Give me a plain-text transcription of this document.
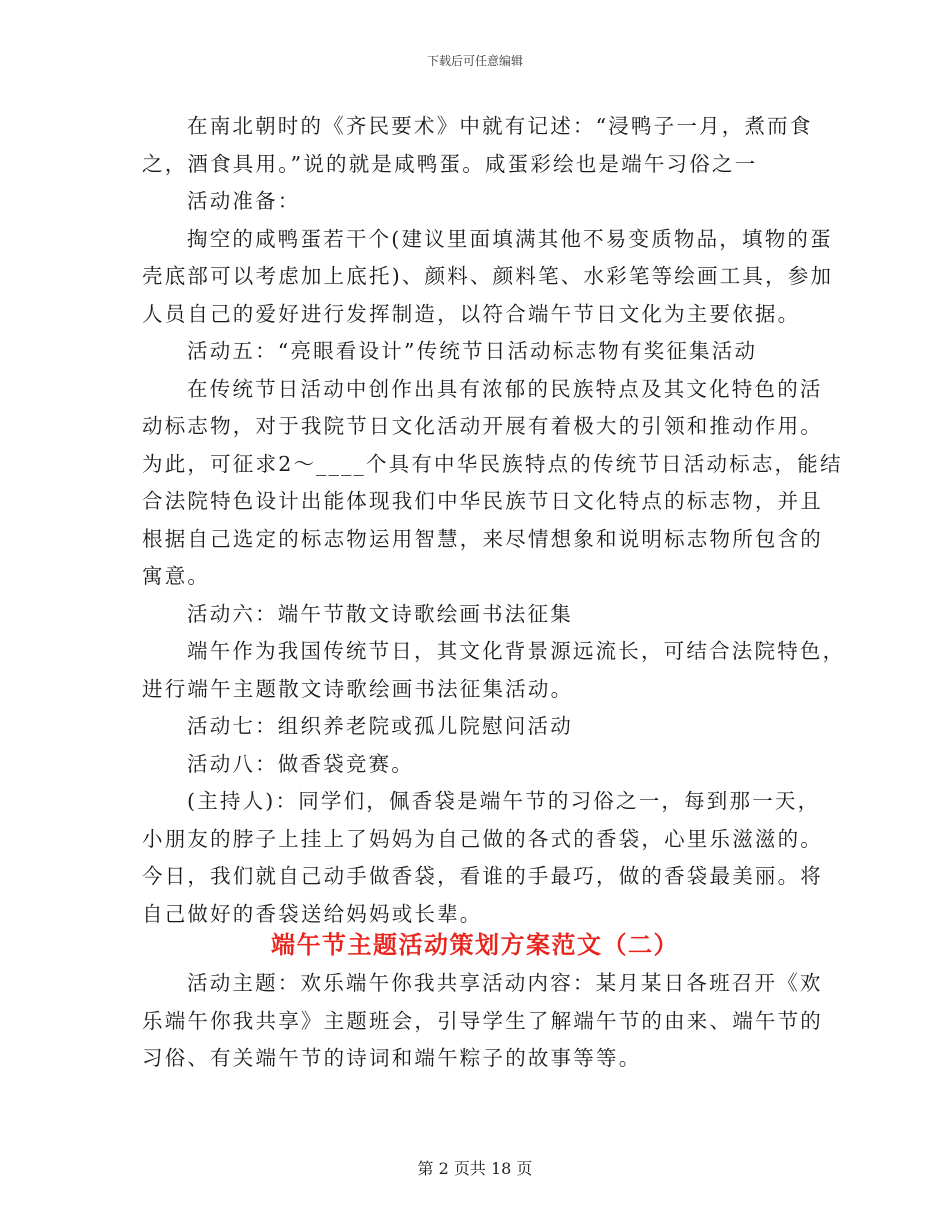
下载后可任意编辑
在南北朝时的《齐民要术》中就有记述：“浸鸭子一月，煮而食
之，酒食具用。”说的就是咸鸭蛋。咸蛋彩绘也是端午习俗之一
活动准备：
掏空的咸鸭蛋若干个(建议里面填满其他不易变质物品，填物的蛋
壳底部可以考虑加上底托)、颜料、颜料笔、水彩笔等绘画工具，参加
人员自己的爱好进行发挥制造，以符合端午节日文化为主要依据。
活动五：“亮眼看设计”传统节日活动标志物有奖征集活动
在传统节日活动中创作出具有浓郁的民族特点及其文化特色的活
动标志物，对于我院节日文化活动开展有着极大的引领和推动作用。
为此，可征求2～____个具有中华民族特点的传统节日活动标志，能结
合法院特色设计出能体现我们中华民族节日文化特点的标志物，并且
根据自己选定的标志物运用智慧，来尽情想象和说明标志物所包含的
寓意。
活动六：端午节散文诗歌绘画书法征集
端午作为我国传统节日，其文化背景源远流长，可结合法院特色，
进行端午主题散文诗歌绘画书法征集活动。
活动七：组织养老院或孤儿院慰问活动
活动八：做香袋竞赛。
(主持人)：同学们，佩香袋是端午节的习俗之一，每到那一天，
小朋友的脖子上挂上了妈妈为自己做的各式的香袋，心里乐滋滋的。
今日，我们就自己动手做香袋，看谁的手最巧，做的香袋最美丽。将
自己做好的香袋送给妈妈或长辈。
端午节主题活动策划方案范文（二）
活动主题：欢乐端午你我共享活动内容：某月某日各班召开《欢
乐端午你我共享》主题班会，引导学生了解端午节的由来、端午节的
习俗、有关端午节的诗词和端午粽子的故事等等。
第 2 页共 18 页
